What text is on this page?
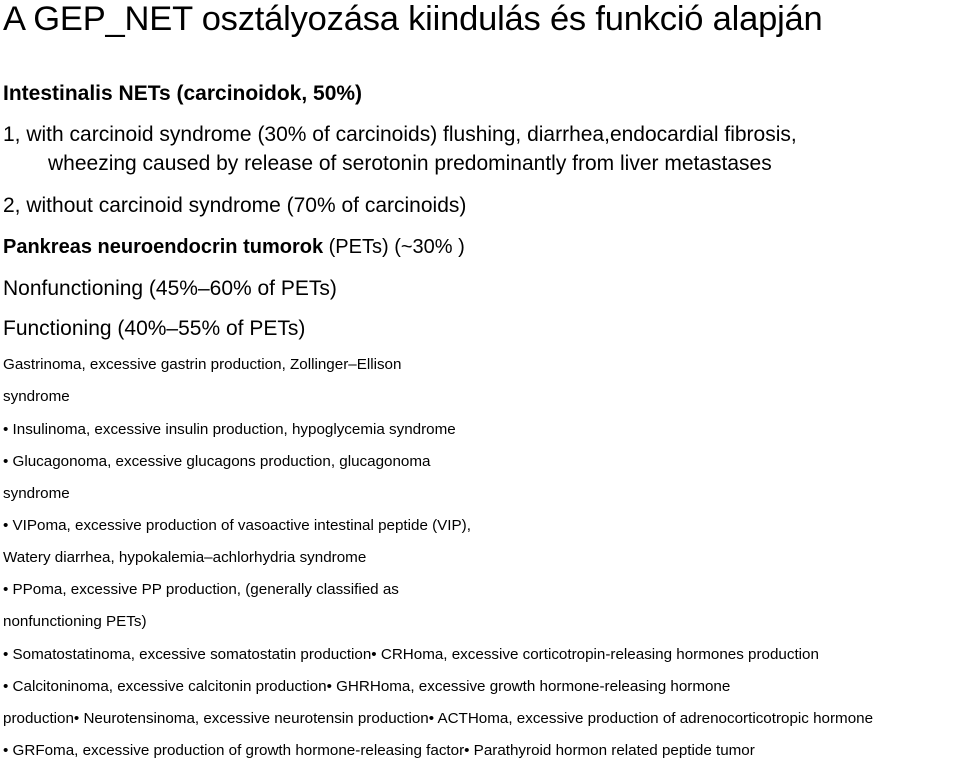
A GEP_NET osztályozása kiindulás és funkció alapján
Intestinalis NETs (carcinoidok, 50%)
1, with carcinoid syndrome (30% of carcinoids) flushing, diarrhea,endocardial fibrosis,
wheezing caused by release of serotonin predominantly from liver metastases
2, without carcinoid syndrome (70% of carcinoids)
Pankreas neuroendocrin tumorok (PETs) (~30% )
Nonfunctioning (45%–60% of PETs)
Functioning (40%–55% of PETs)
Gastrinoma, excessive gastrin production, Zollinger–Ellison
syndrome
• Insulinoma, excessive insulin production, hypoglycemia syndrome
• Glucagonoma, excessive glucagons production, glucagonoma
syndrome
• VIPoma, excessive production of vasoactive intestinal peptide (VIP),
Watery diarrhea, hypokalemia–achlorhydria syndrome
• PPoma, excessive PP production, (generally classified as
nonfunctioning PETs)
• Somatostatinoma, excessive somatostatin production• CRHoma, excessive corticotropin-releasing hormones production
• Calcitoninoma, excessive calcitonin production• GHRHoma, excessive growth hormone-releasing hormone
production• Neurotensinoma, excessive neurotensin production• ACTHoma, excessive production of adrenocorticotropic hormone
• GRFoma, excessive production of growth hormone-releasing factor• Parathyroid hormon related peptide tumor
